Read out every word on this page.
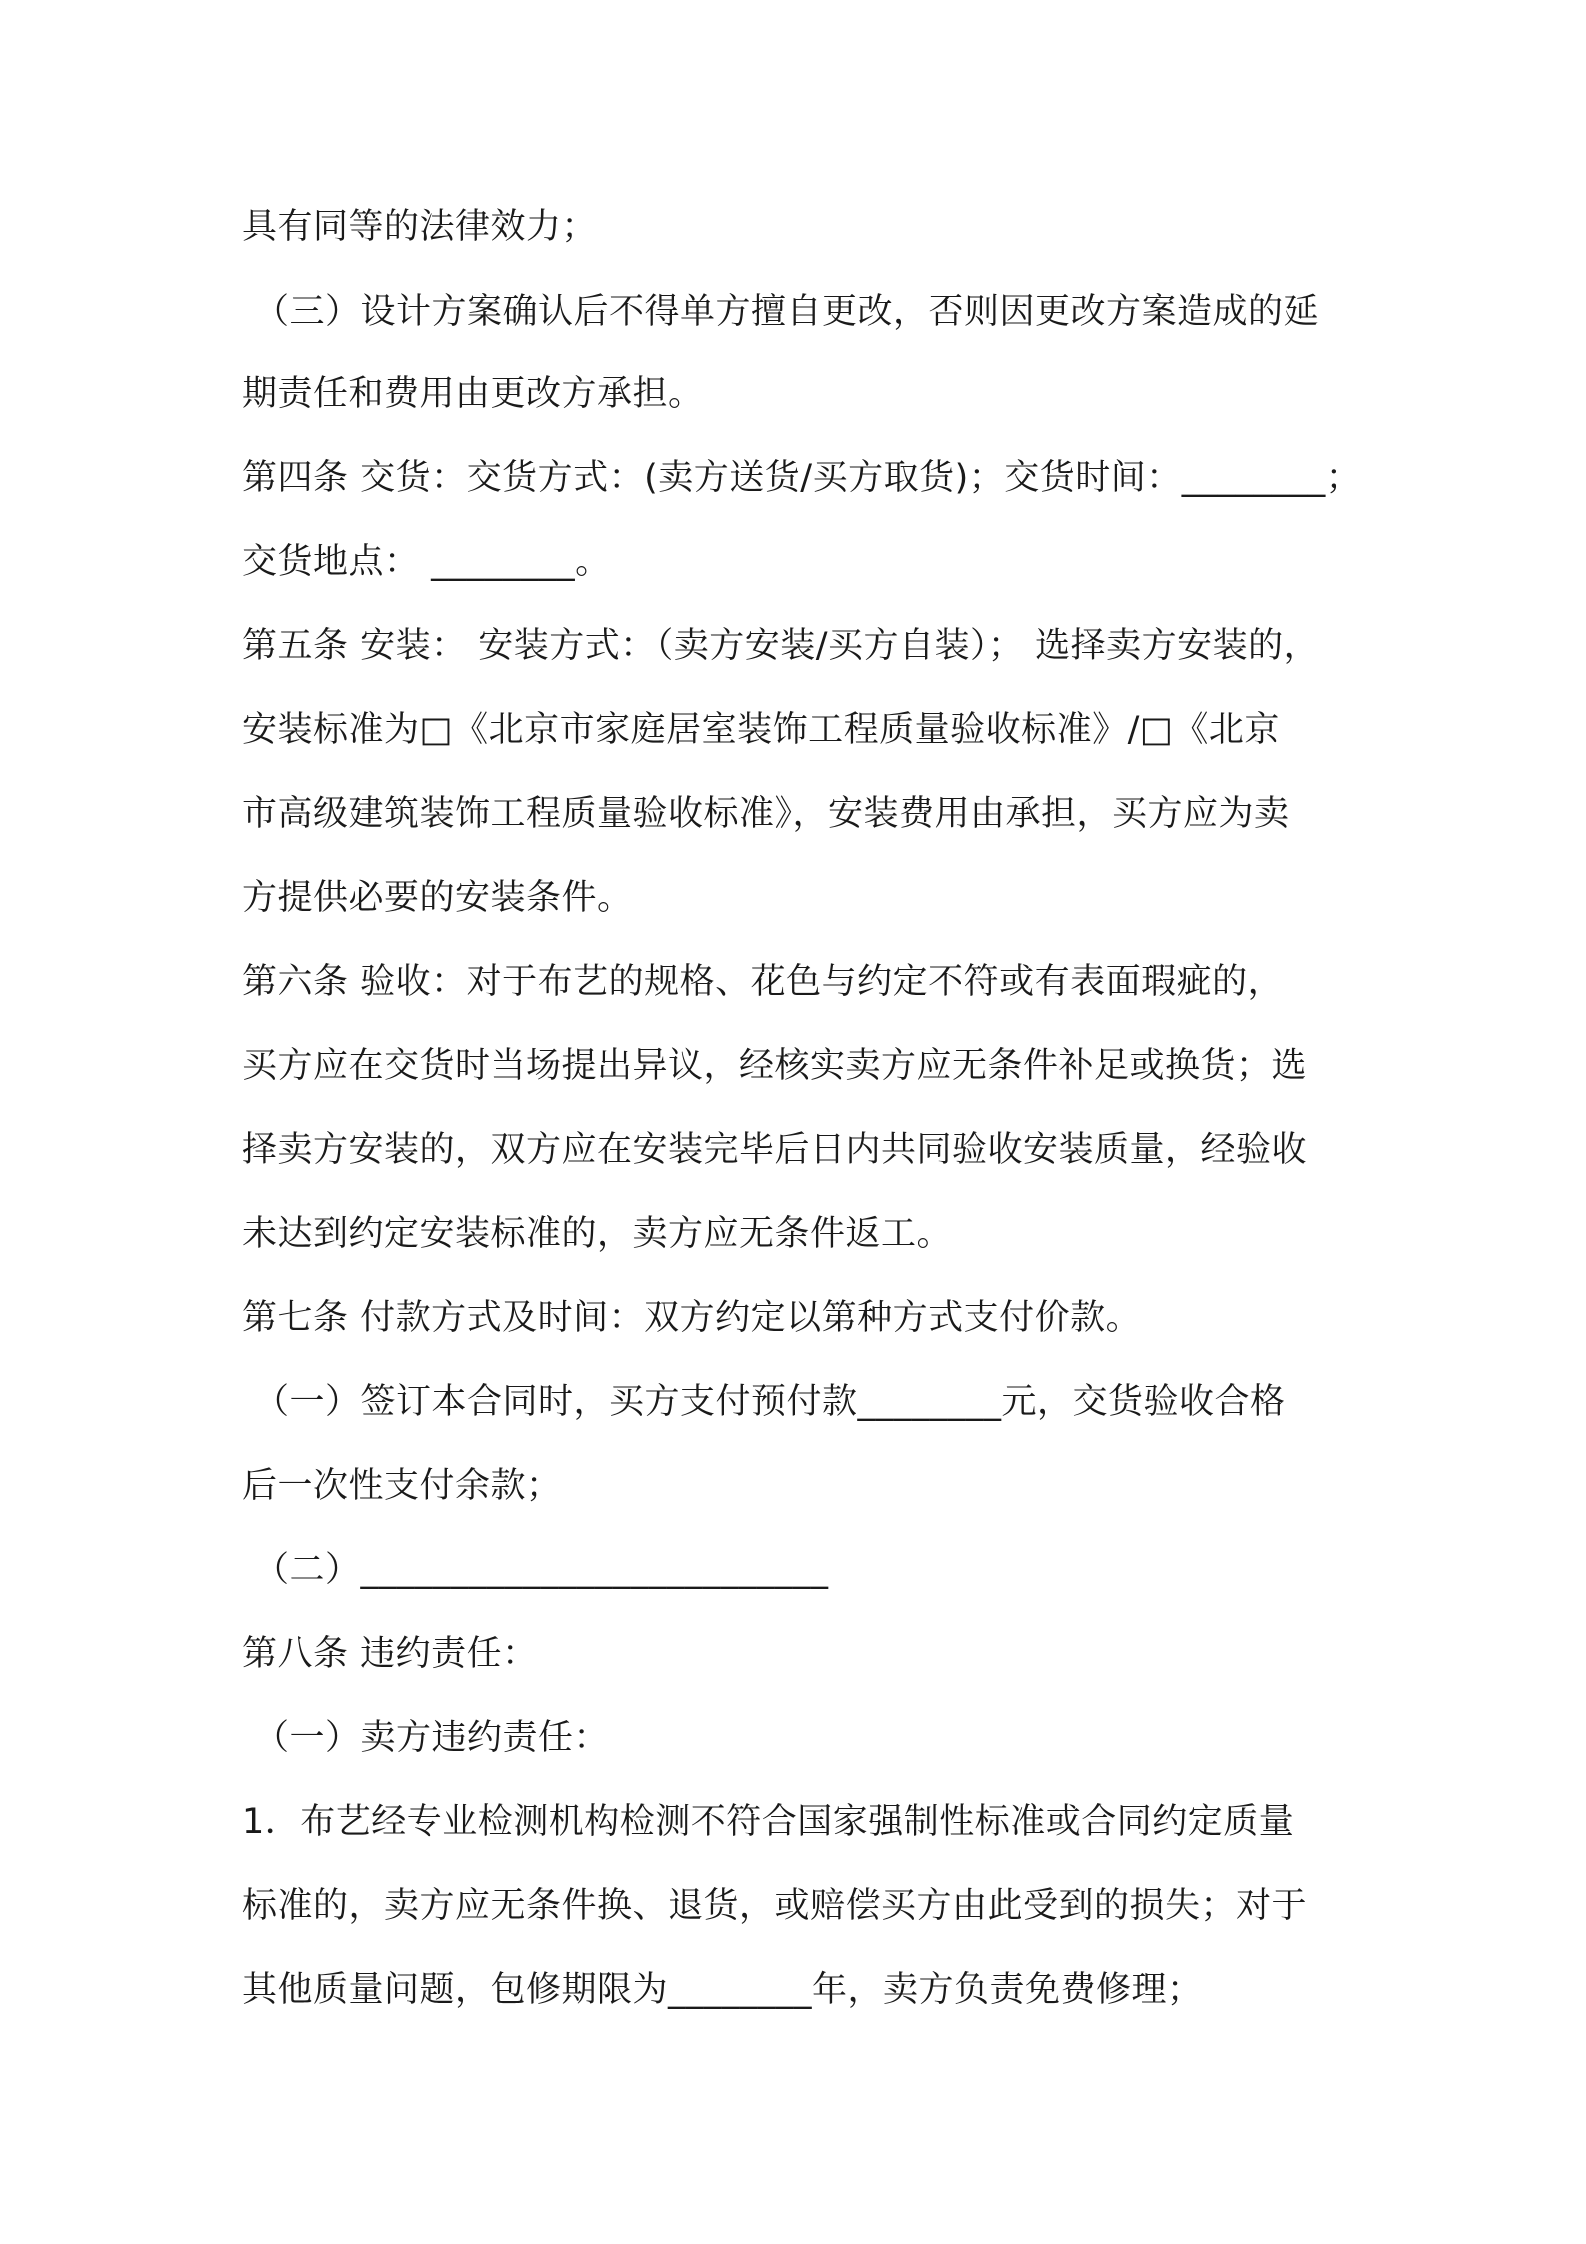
具有同等的法律效力；
（三）设计方案确认后不得单方擅自更改，否则因更改方案造成的延
期责任和费用由更改方承担。
第四条 交货：交货方式：(卖方送货/买方取货)；交货时间：________；
交货地点： ________。
第五条 安装： 安装方式：（卖方安装/买方自装）； 选择卖方安装的，
安装标准为□《北京市家庭居室装饰工程质量验收标准》/□《北京
市高级建筑装饰工程质量验收标准》，安装费用由承担，买方应为卖
方提供必要的安装条件。
第六条 验收：对于布艺的规格、花色与约定不符或有表面瑕疵的，
买方应在交货时当场提出异议，经核实卖方应无条件补足或换货；选
择卖方安装的，双方应在安装完毕后日内共同验收安装质量，经验收
未达到约定安装标准的，卖方应无条件返工。
第七条 付款方式及时间：双方约定以第种方式支付价款。
（一）签订本合同时，买方支付预付款________元，交货验收合格
后一次性支付余款；
（二）__________________________
第八条 违约责任：
（一）卖方违约责任：
1．布艺经专业检测机构检测不符合国家强制性标准或合同约定质量
标准的，卖方应无条件换、退货，或赔偿买方由此受到的损失；对于
其他质量问题，包修期限为________年，卖方负责免费修理；
